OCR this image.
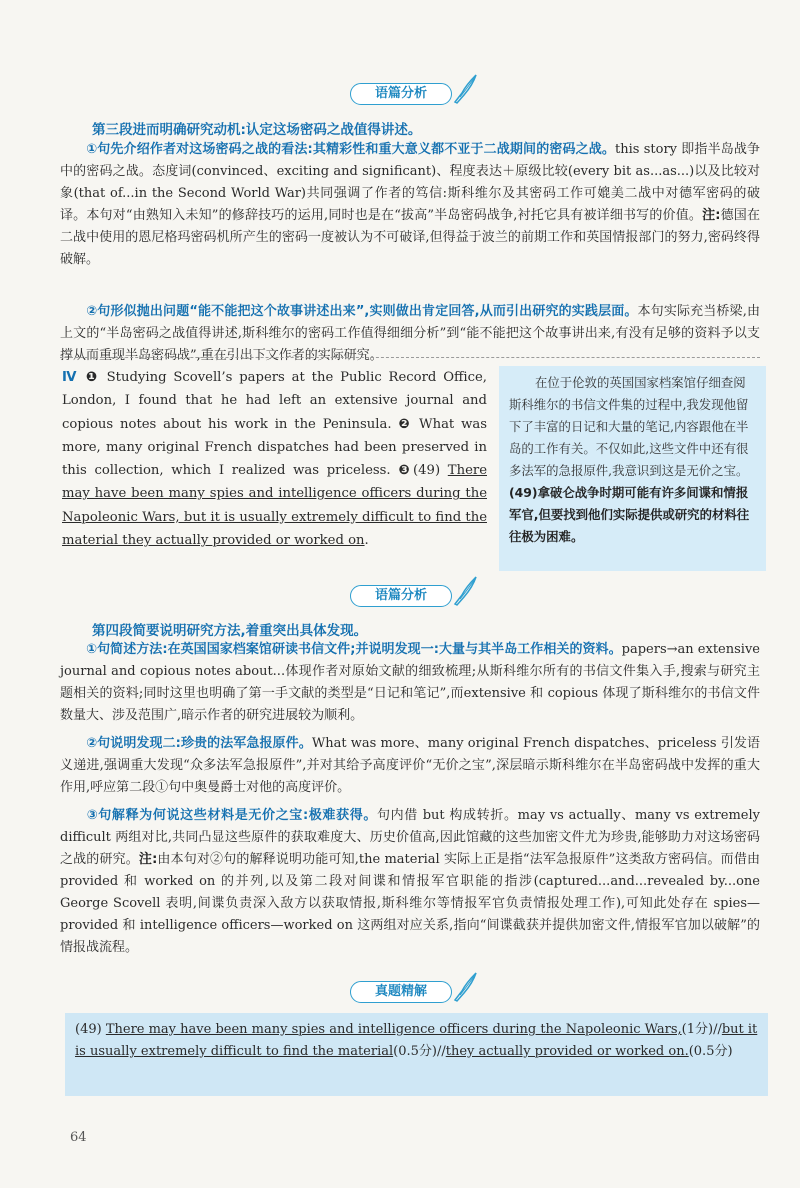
语篇分析
第三段进而明确研究动机:认定这场密码之战值得讲述。
①句先介绍作者对这场密码之战的看法:其精彩性和重大意义都不亚于二战期间的密码之战。this story 即指半岛战争中的密码之战。态度词(convinced、exciting and significant)、程度表达＋原级比较(every bit as...as...)以及比较对象(that of...in the Second World War)共同强调了作者的笃信:斯科维尔及其密码工作可媲美二战中对德军密码的破译。本句对“由熟知入未知”的修辞技巧的运用,同时也是在“拔高”半岛密码战争,衬托它具有被详细书写的价值。注:德国在二战中使用的恩尼格玛密码机所产生的密码一度被认为不可破译,但得益于波兰的前期工作和英国情报部门的努力,密码终得破解。
②句形似抛出问题“能不能把这个故事讲述出来”,实则做出肯定回答,从而引出研究的实践层面。本句实际充当桥梁,由上文的“半岛密码之战值得讲述,斯科维尔的密码工作值得细细分析”到“能不能把这个故事讲出来,有没有足够的资料予以支撑从而重现半岛密码战”,重在引出下文作者的实际研究。
Ⅳ ❶ Studying Scovell’s papers at the Public Record Office, London, I found that he had left an extensive journal and copious notes about his work in the Peninsula. ❷ What was more, many original French dispatches had been preserved in this collection, which I realized was priceless. ❸(49) There may have been many spies and intelligence officers during the Napoleonic Wars, but it is usually extremely difficult to find the material they actually provided or worked on.

在位于伦敦的英国国家档案馆仔细查阅斯科维尔的书信文件集的过程中,我发现他留下了丰富的日记和大量的笔记,内容跟他在半岛的工作有关。不仅如此,这些文件中还有很多法军的急报原件,我意识到这是无价之宝。(49)拿破仑战争时期可能有许多间谍和情报军官,但要找到他们实际提供或研究的材料往往极为困难。

语篇分析
第四段简要说明研究方法,着重突出具体发现。
①句简述方法:在英国国家档案馆研读书信文件;并说明发现一:大量与其半岛工作相关的资料。papers→an extensive journal and copious notes about...体现作者对原始文献的细致梳理;从斯科维尔所有的书信文件集入手,搜索与研究主题相关的资料;同时这里也明确了第一手文献的类型是“日记和笔记”,而extensive 和 copious 体现了斯科维尔的书信文件数量大、涉及范围广,暗示作者的研究进展较为顺利。
②句说明发现二:珍贵的法军急报原件。What was more、many original French dispatches、priceless 引发语义递进,强调重大发现“众多法军急报原件”,并对其给予高度评价“无价之宝”,深层暗示斯科维尔在半岛密码战中发挥的重大作用,呼应第二段①句中奥曼爵士对他的高度评价。
③句解释为何说这些材料是无价之宝:极难获得。句内借 but 构成转折。may vs actually、many vs extremely difficult 两组对比,共同凸显这些原件的获取难度大、历史价值高,因此馆藏的这些加密文件尤为珍贵,能够助力对这场密码之战的研究。注:由本句对②句的解释说明功能可知,the material 实际上正是指“法军急报原件”这类敌方密码信。而借由 provided 和 worked on 的并列,以及第二段对间谍和情报军官职能的指涉(captured...and...revealed by...one George Scovell 表明,间谍负责深入敌方以获取情报,斯科维尔等情报军官负责情报处理工作),可知此处存在 spies—provided 和 intelligence officers—worked on 这两组对应关系,指向“间谍截获并提供加密文件,情报军官加以破解”的情报战流程。
真题精解

(49) There may have been many spies and intelligence officers during the Napoleonic Wars,(1分)//but it is usually extremely difficult to find the material(0.5分)//they actually provided or worked on.(0.5分)

64
